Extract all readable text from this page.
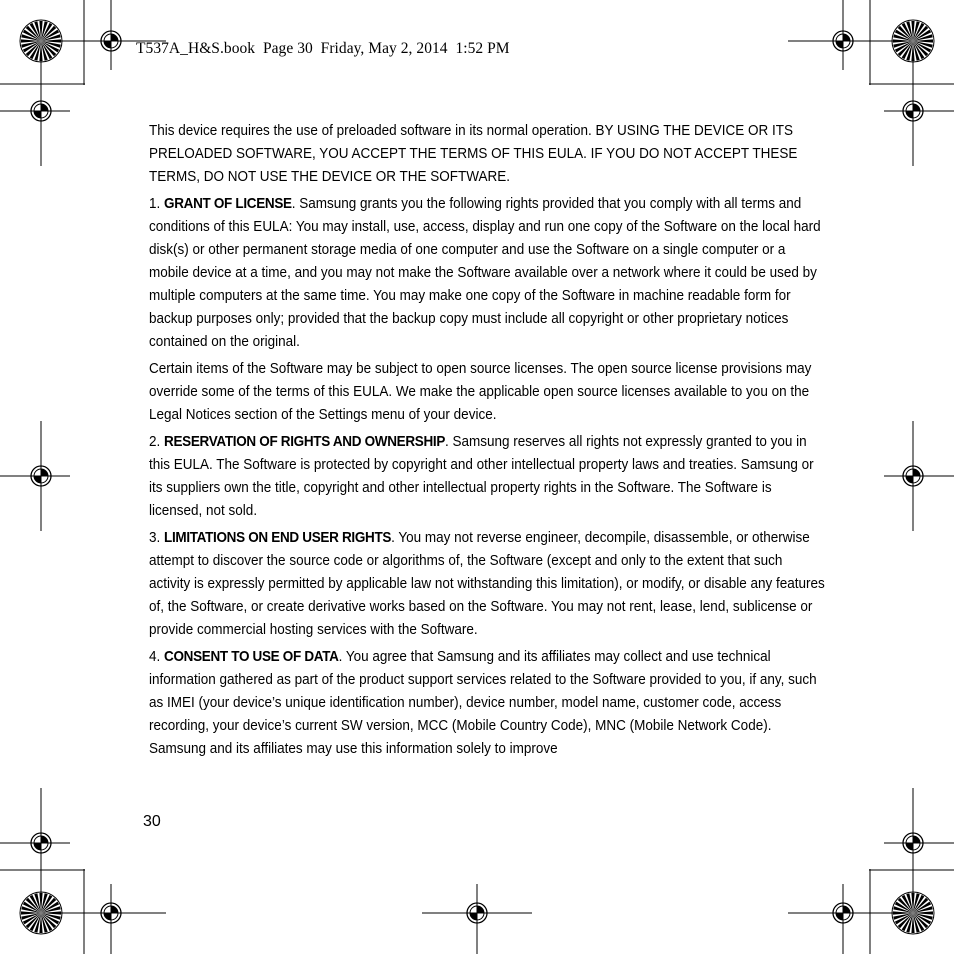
T537A_H&S.book  Page 30  Friday, May 2, 2014  1:52 PM

This device requires the use of preloaded software in its normal operation. BY USING THE DEVICE OR ITS PRELOADED SOFTWARE, YOU ACCEPT THE TERMS OF THIS EULA. IF YOU DO NOT ACCEPT THESE TERMS, DO NOT USE THE DEVICE OR THE SOFTWARE.

1. GRANT OF LICENSE. Samsung grants you the following rights provided that you comply with all terms and conditions of this EULA: You may install, use, access, display and run one copy of the Software on the local hard disk(s) or other permanent storage media of one computer and use the Software on a single computer or a mobile device at a time, and you may not make the Software available over a network where it could be used by multiple computers at the same time. You may make one copy of the Software in machine readable form for backup purposes only; provided that the backup copy must include all copyright or other proprietary notices contained on the original.

Certain items of the Software may be subject to open source licenses. The open source license provisions may override some of the terms of this EULA. We make the applicable open source licenses available to you on the Legal Notices section of the Settings menu of your device.

2. RESERVATION OF RIGHTS AND OWNERSHIP. Samsung reserves all rights not expressly granted to you in this EULA. The Software is protected by copyright and other intellectual property laws and treaties. Samsung or its suppliers own the title, copyright and other intellectual property rights in the Software. The Software is licensed, not sold.

3. LIMITATIONS ON END USER RIGHTS. You may not reverse engineer, decompile, disassemble, or otherwise attempt to discover the source code or algorithms of, the Software (except and only to the extent that such activity is expressly permitted by applicable law not withstanding this limitation), or modify, or disable any features of, the Software, or create derivative works based on the Software. You may not rent, lease, lend, sublicense or provide commercial hosting services with the Software.

4. CONSENT TO USE OF DATA. You agree that Samsung and its affiliates may collect and use technical information gathered as part of the product support services related to the Software provided to you, if any, such as IMEI (your device’s unique identification number), device number, model name, customer code, access recording, your device’s current SW version, MCC (Mobile Country Code), MNC (Mobile Network Code). Samsung and its affiliates may use this information solely to improve

30
